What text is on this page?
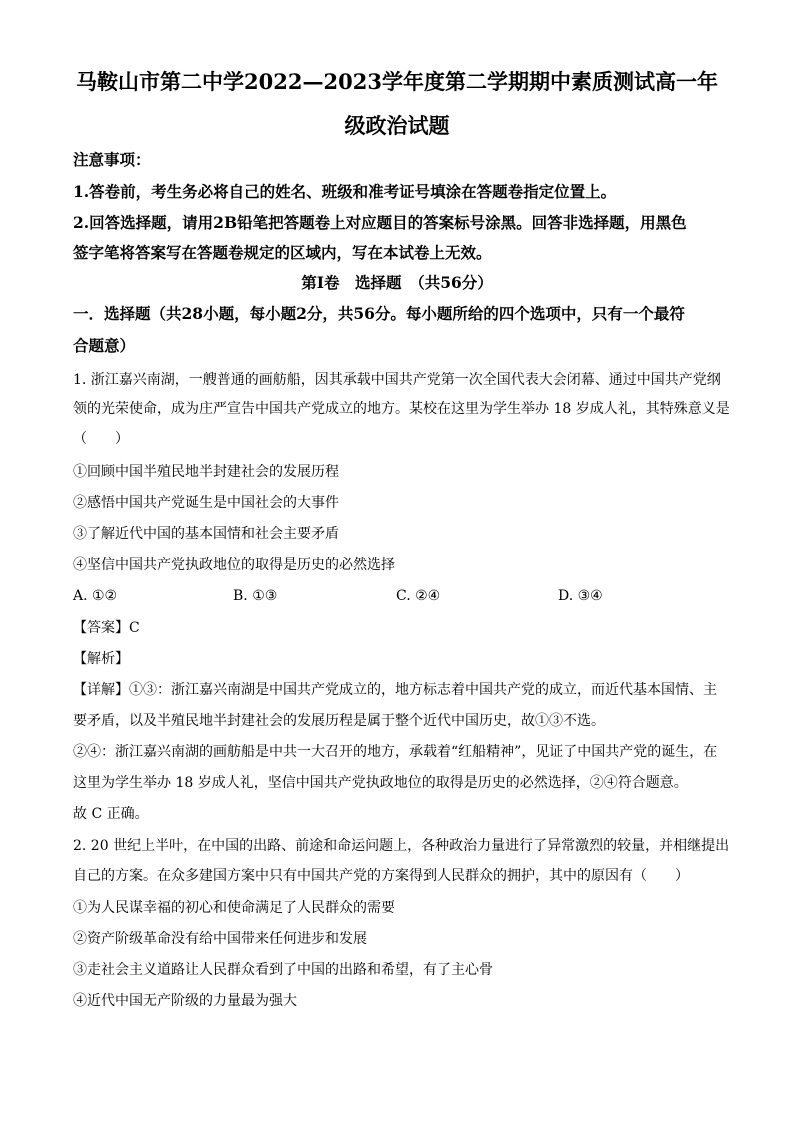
马鞍山市第二中学2022—2023学年度第二学期期中素质测试高一年
级政治试题
注意事项：
1.答卷前，考生务必将自己的姓名、班级和准考证号填涂在答题卷指定位置上。
2.回答选择题，请用2B铅笔把答题卷上对应题目的答案标号涂黑。回答非选择题，用黑色
签字笔将答案写在答题卷规定的区域内，写在本试卷上无效。
第Ⅰ卷　选择题　（共56分）
一．选择题（共28小题，每小题2分，共56分。每小题所给的四个选项中，只有一个最符
合题意）
1. 浙江嘉兴南湖，一艘普通的画舫船，因其承载中国共产党第一次全国代表大会闭幕、通过中国共产党纲
领的光荣使命，成为庄严宣告中国共产党成立的地方。某校在这里为学生举办 18 岁成人礼，其特殊意义是
（　　）
①回顾中国半殖民地半封建社会的发展历程
②感悟中国共产党诞生是中国社会的大事件
③了解近代中国的基本国情和社会主要矛盾
④坚信中国共产党执政地位的取得是历史的必然选择
A. ①②	B. ①③	C. ②④	D. ③④
【答案】C
【解析】
【详解】①③：浙江嘉兴南湖是中国共产党成立的，地方标志着中国共产党的成立，而近代基本国情、主
要矛盾，以及半殖民地半封建社会的发展历程是属于整个近代中国历史，故①③不选。
②④：浙江嘉兴南湖的画舫船是中共一大召开的地方，承载着“红船精神”，见证了中国共产党的诞生，在
这里为学生举办 18 岁成人礼，坚信中国共产党执政地位的取得是历史的必然选择，②④符合题意。
故 C 正确。
2. 20 世纪上半叶，在中国的出路、前途和命运问题上，各种政治力量进行了异常激烈的较量，并相继提出
自己的方案。在众多建国方案中只有中国共产党的方案得到人民群众的拥护，其中的原因有（　　）
①为人民谋幸福的初心和使命满足了人民群众的需要
②资产阶级革命没有给中国带来任何进步和发展
③走社会主义道路让人民群众看到了中国的出路和希望，有了主心骨
④近代中国无产阶级的力量最为强大
